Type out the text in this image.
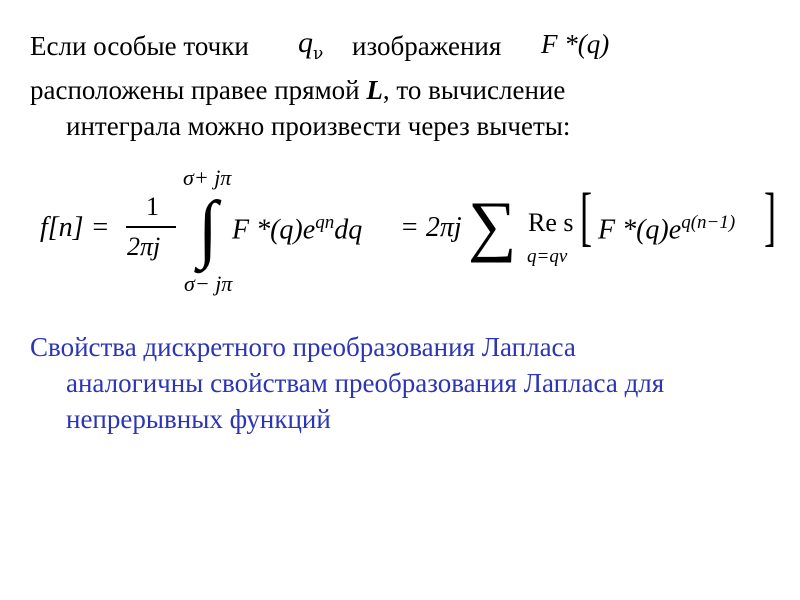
Если особые точки $q_\nu$ изображения F *(q)
расположены правее прямой L, то вычисление
интеграла можно произвести через вычеты:
f[n] =
1
2πj
σ+ jπ
∫
σ− jπ
F $*(q)e^{qn}dq = 2\pi j$ ∑ Re s
q=qν
[ F $*(q)e^{q(n-1)}$ ]
Свойства дискретного преобразования Лапласа
аналогичны свойствам преобразования Лапласа для
непрерывных функций
